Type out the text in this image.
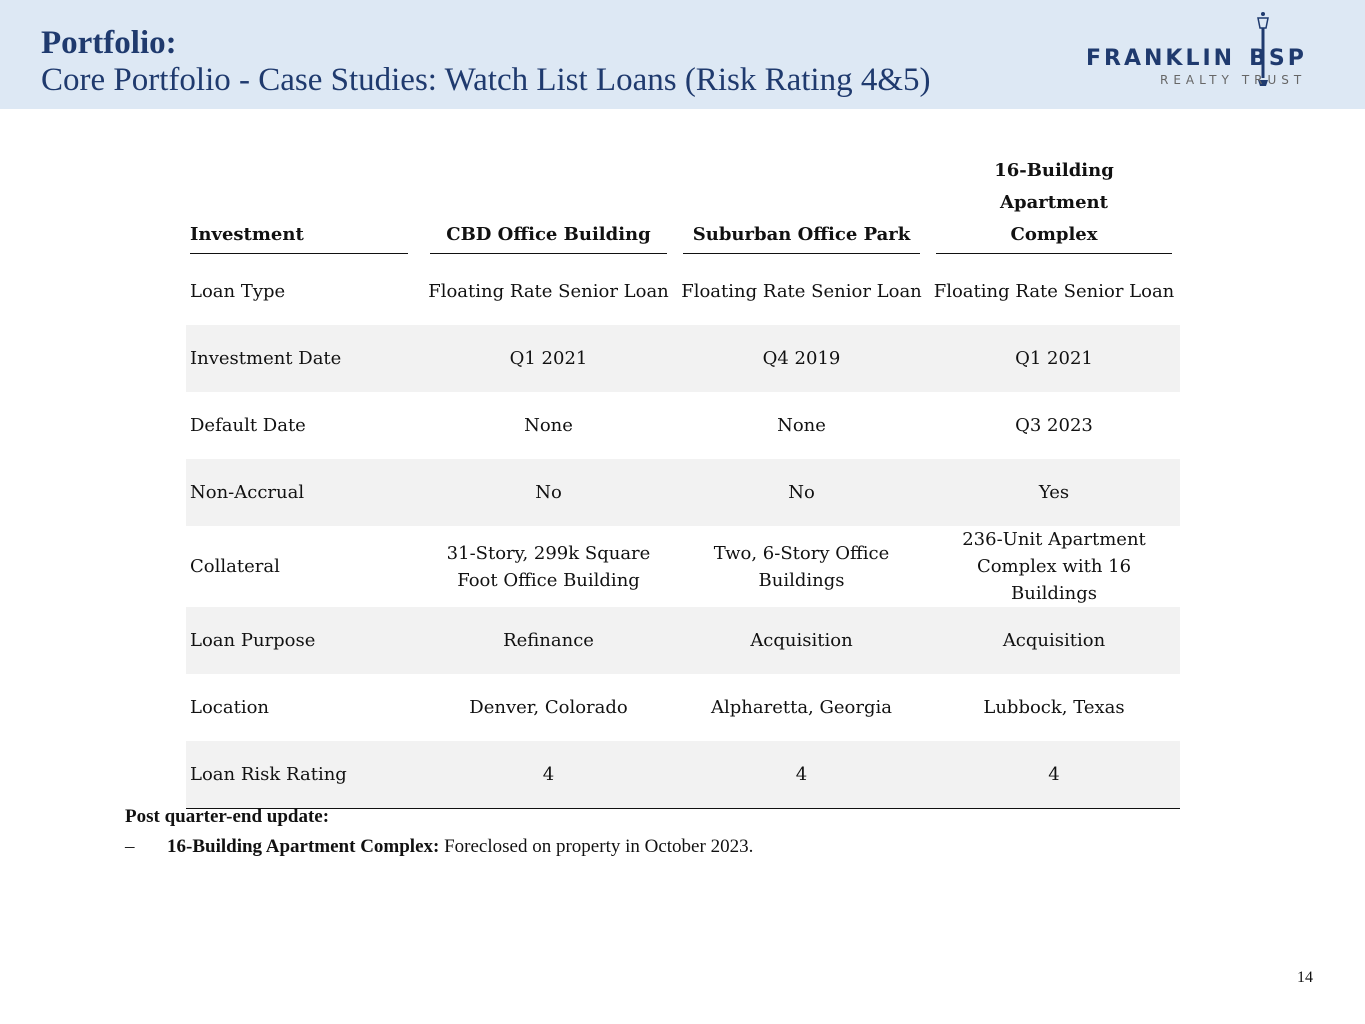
Portfolio:
Core Portfolio - Case Studies: Watch List Loans (Risk Rating 4&5)
FRANKLIN BSP
REALTY TRUST
Investment	CBD Office Building	Suburban Office Park	16-Building Apartment Complex

Loan Type	Floating Rate Senior Loan	Floating Rate Senior Loan	Floating Rate Senior Loan
Investment Date	Q1 2021	Q4 2019	Q1 2021
Default Date	None	None	Q3 2023
Non-Accrual	No	No	Yes
Collateral	31-Story, 299k Square Foot Office Building	Two, 6-Story Office Buildings	236-Unit Apartment Complex with 16 Buildings
Loan Purpose	Refinance	Acquisition	Acquisition
Location	Denver, Colorado	Alpharetta, Georgia	Lubbock, Texas
Loan Risk Rating	4	4	4
Post quarter-end update:
– 16-Building Apartment Complex: Foreclosed on property in October 2023.
14
